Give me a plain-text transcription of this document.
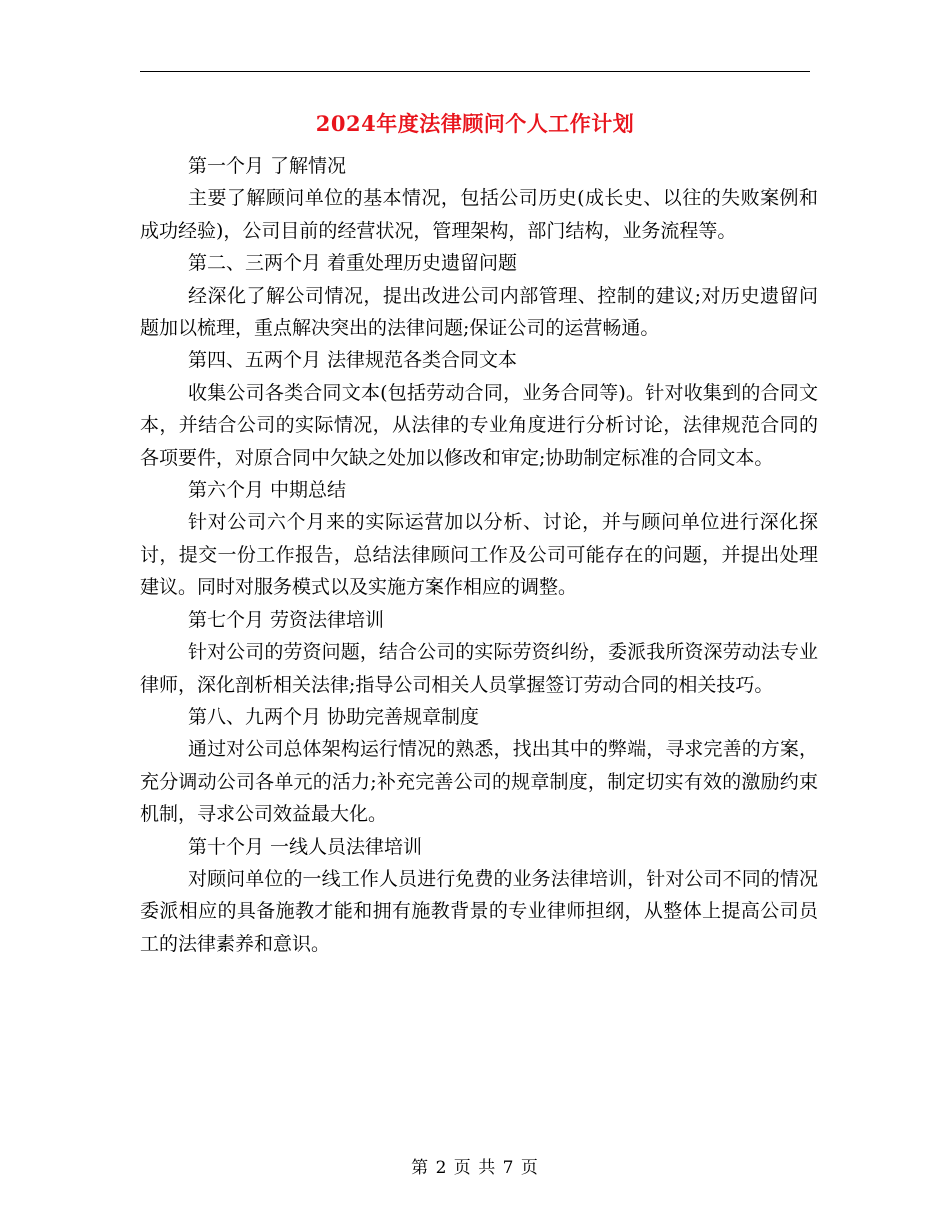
2024年度法律顾问个人工作计划

第一个月 了解情况

主要了解顾问单位的基本情况，包括公司历史(成长史、以往的失败案例和成功经验)，公司目前的经营状况，管理架构，部门结构，业务流程等。

第二、三两个月 着重处理历史遗留问题

经深化了解公司情况，提出改进公司内部管理、控制的建议;对历史遗留问题加以梳理，重点解决突出的法律问题;保证公司的运营畅通。

第四、五两个月 法律规范各类合同文本

收集公司各类合同文本(包括劳动合同，业务合同等)。针对收集到的合同文本，并结合公司的实际情况，从法律的专业角度进行分析讨论，法律规范合同的各项要件，对原合同中欠缺之处加以修改和审定;协助制定标准的合同文本。

第六个月 中期总结

针对公司六个月来的实际运营加以分析、讨论，并与顾问单位进行深化探讨，提交一份工作报告，总结法律顾问工作及公司可能存在的问题，并提出处理建议。同时对服务模式以及实施方案作相应的调整。

第七个月 劳资法律培训

针对公司的劳资问题，结合公司的实际劳资纠纷，委派我所资深劳动法专业律师，深化剖析相关法律;指导公司相关人员掌握签订劳动合同的相关技巧。

第八、九两个月 协助完善规章制度

通过对公司总体架构运行情况的熟悉，找出其中的弊端，寻求完善的方案，充分调动公司各单元的活力;补充完善公司的规章制度，制定切实有效的激励约束机制，寻求公司效益最大化。

第十个月 一线人员法律培训

对顾问单位的一线工作人员进行免费的业务法律培训，针对公司不同的情况委派相应的具备施教才能和拥有施教背景的专业律师担纲，从整体上提高公司员工的法律素养和意识。

第 2 页 共 7 页
